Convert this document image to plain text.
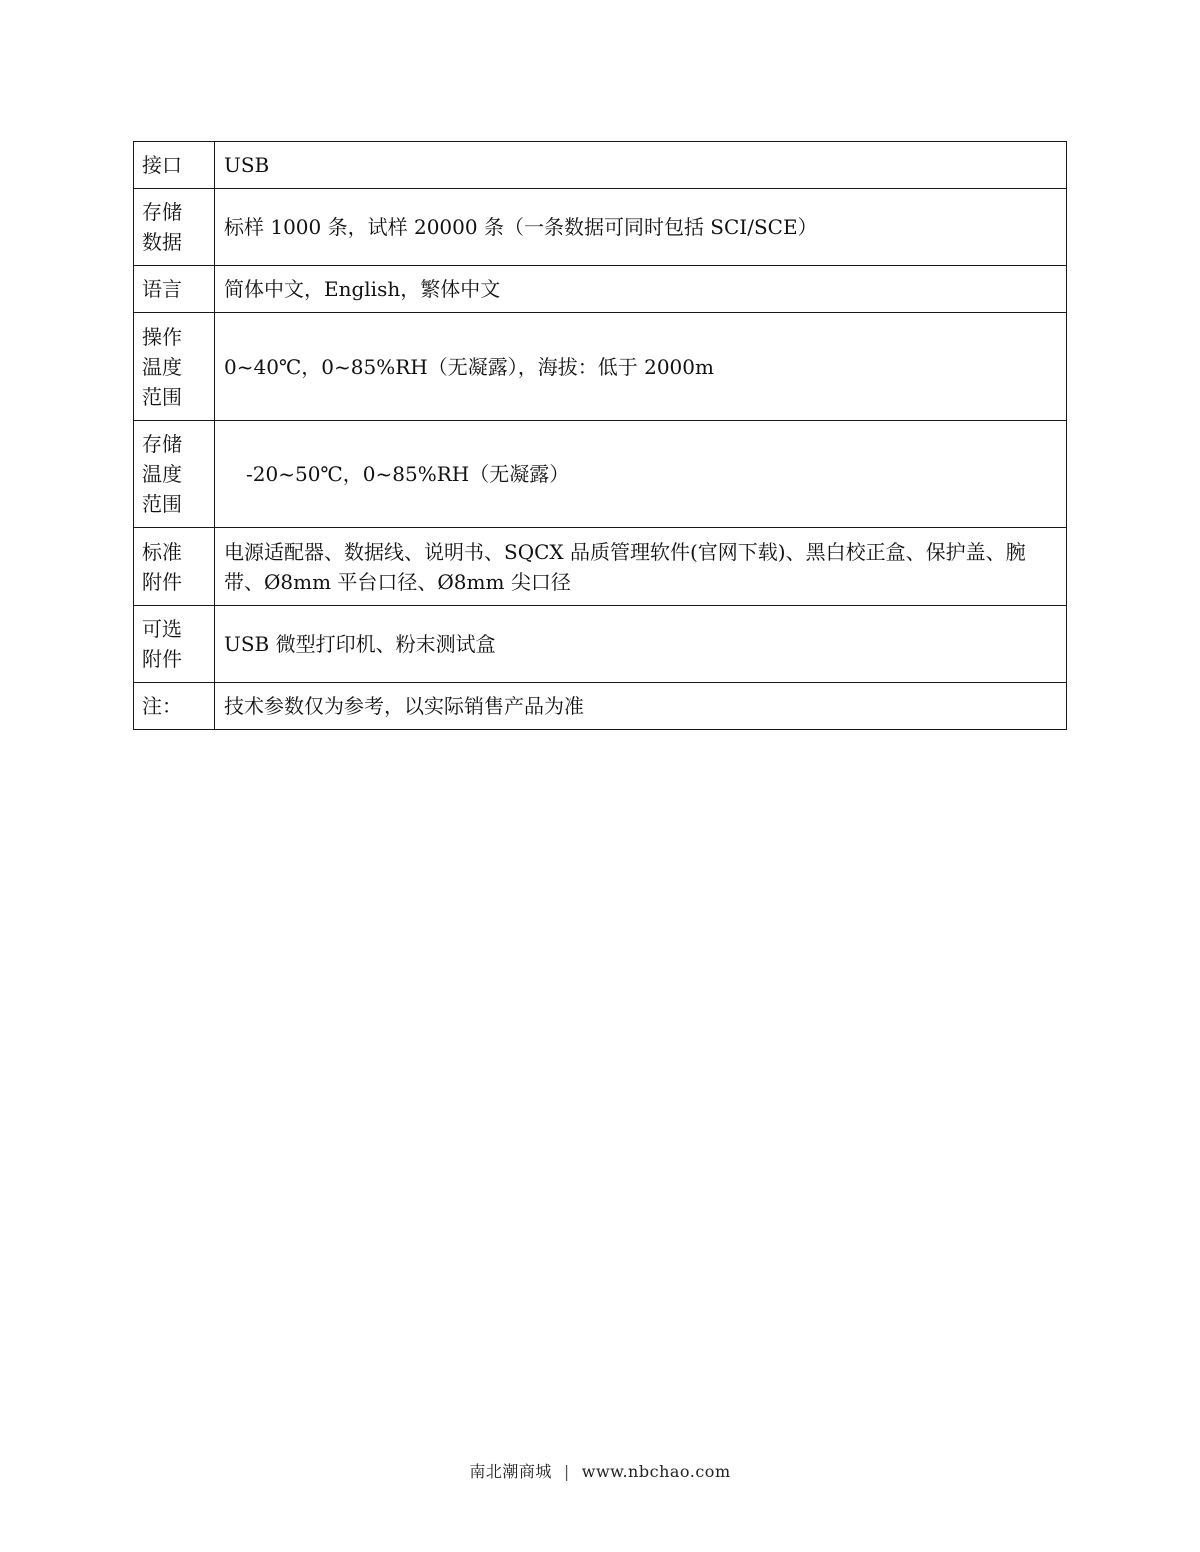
接口	USB

存储
数据	标样 1000 条，试样 20000 条（一条数据可同时包括 SCI/SCE）
语言	简体中文，English，繁体中文

操作
温度
范围	0~40℃，0~85%RH（无凝露），海拔：低于 2000m

存储
温度
范围	-20~50℃，0~85%RH（无凝露）

标准
附件	电源适配器、数据线、说明书、SQCX 品质管理软件(官网下载)、黑白校正盒、保护盖、腕带、Ø8mm 平台口径、Ø8mm 尖口径

可选
附件	USB 微型打印机、粉末测试盒
注：	技术参数仅为参考，以实际销售产品为准
南北潮商城 | www.nbchao.com
